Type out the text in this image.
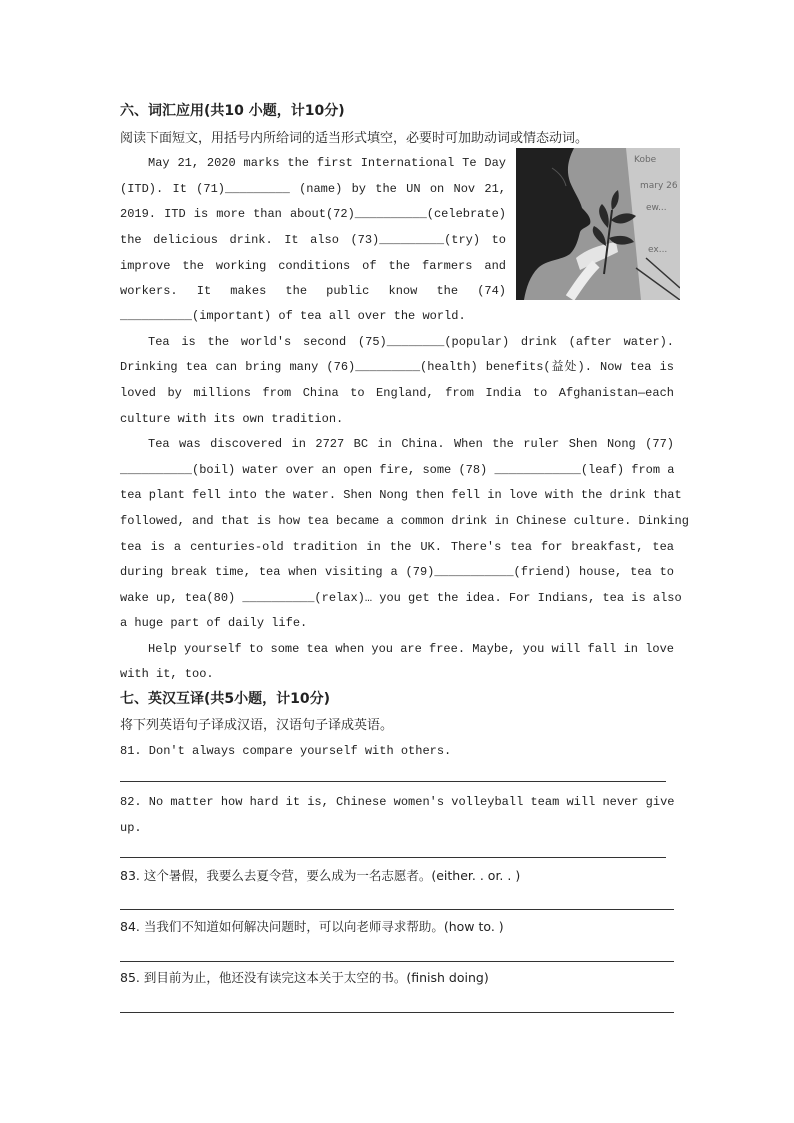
六、词汇应用(共10 小题，计10分)
阅读下面短文，用括号内所给词的适当形式填空，必要时可加助动词或情态动词。
May 21, 2020 marks the first International Te Day
(ITD). It (71)_________ (name) by the UN on Nov 21,
2019. ITD is more than about(72)__________(celebrate)
the delicious drink. It also (73)_________(try) to
improve the working conditions of the farmers and
workers. It makes the public know the (74)
__________(important) of tea all over the world.
Kobe
mary 26
ew...
ex...
Tea is the world's second (75)________(popular) drink (after water).
Drinking tea can bring many (76)_________(health) benefits(益处). Now tea is
loved by millions from China to England, from India to Afghanistan—each
culture with its own tradition.
Tea was discovered in 2727 BC in China. When the ruler Shen Nong (77)
__________(boil) water over an open fire, some (78) ____________(leaf) from a
tea plant fell into the water. Shen Nong then fell in love with the drink that
followed, and that is how tea became a common drink in Chinese culture. Dinking
tea is a centuries-old tradition in the UK. There's tea for breakfast, tea
during break time, tea when visiting a (79)___________(friend) house, tea to
wake up, tea(80) __________(relax)… you get the idea. For Indians, tea is also
a huge part of daily life.
Help yourself to some tea when you are free. Maybe, you will fall in love
with it, too.
七、英汉互译(共5小题，计10分)
将下列英语句子译成汉语，汉语句子译成英语。
81. Don't always compare yourself with others.
82. No matter how hard it is, Chinese women's volleyball team will never give
up.
83. 这个暑假，我要么去夏令营，要么成为一名志愿者。(either. . or. . )
84. 当我们不知道如何解决问题时，可以向老师寻求帮助。(how to. )
85. 到目前为止，他还没有读完这本关于太空的书。(finish doing)
